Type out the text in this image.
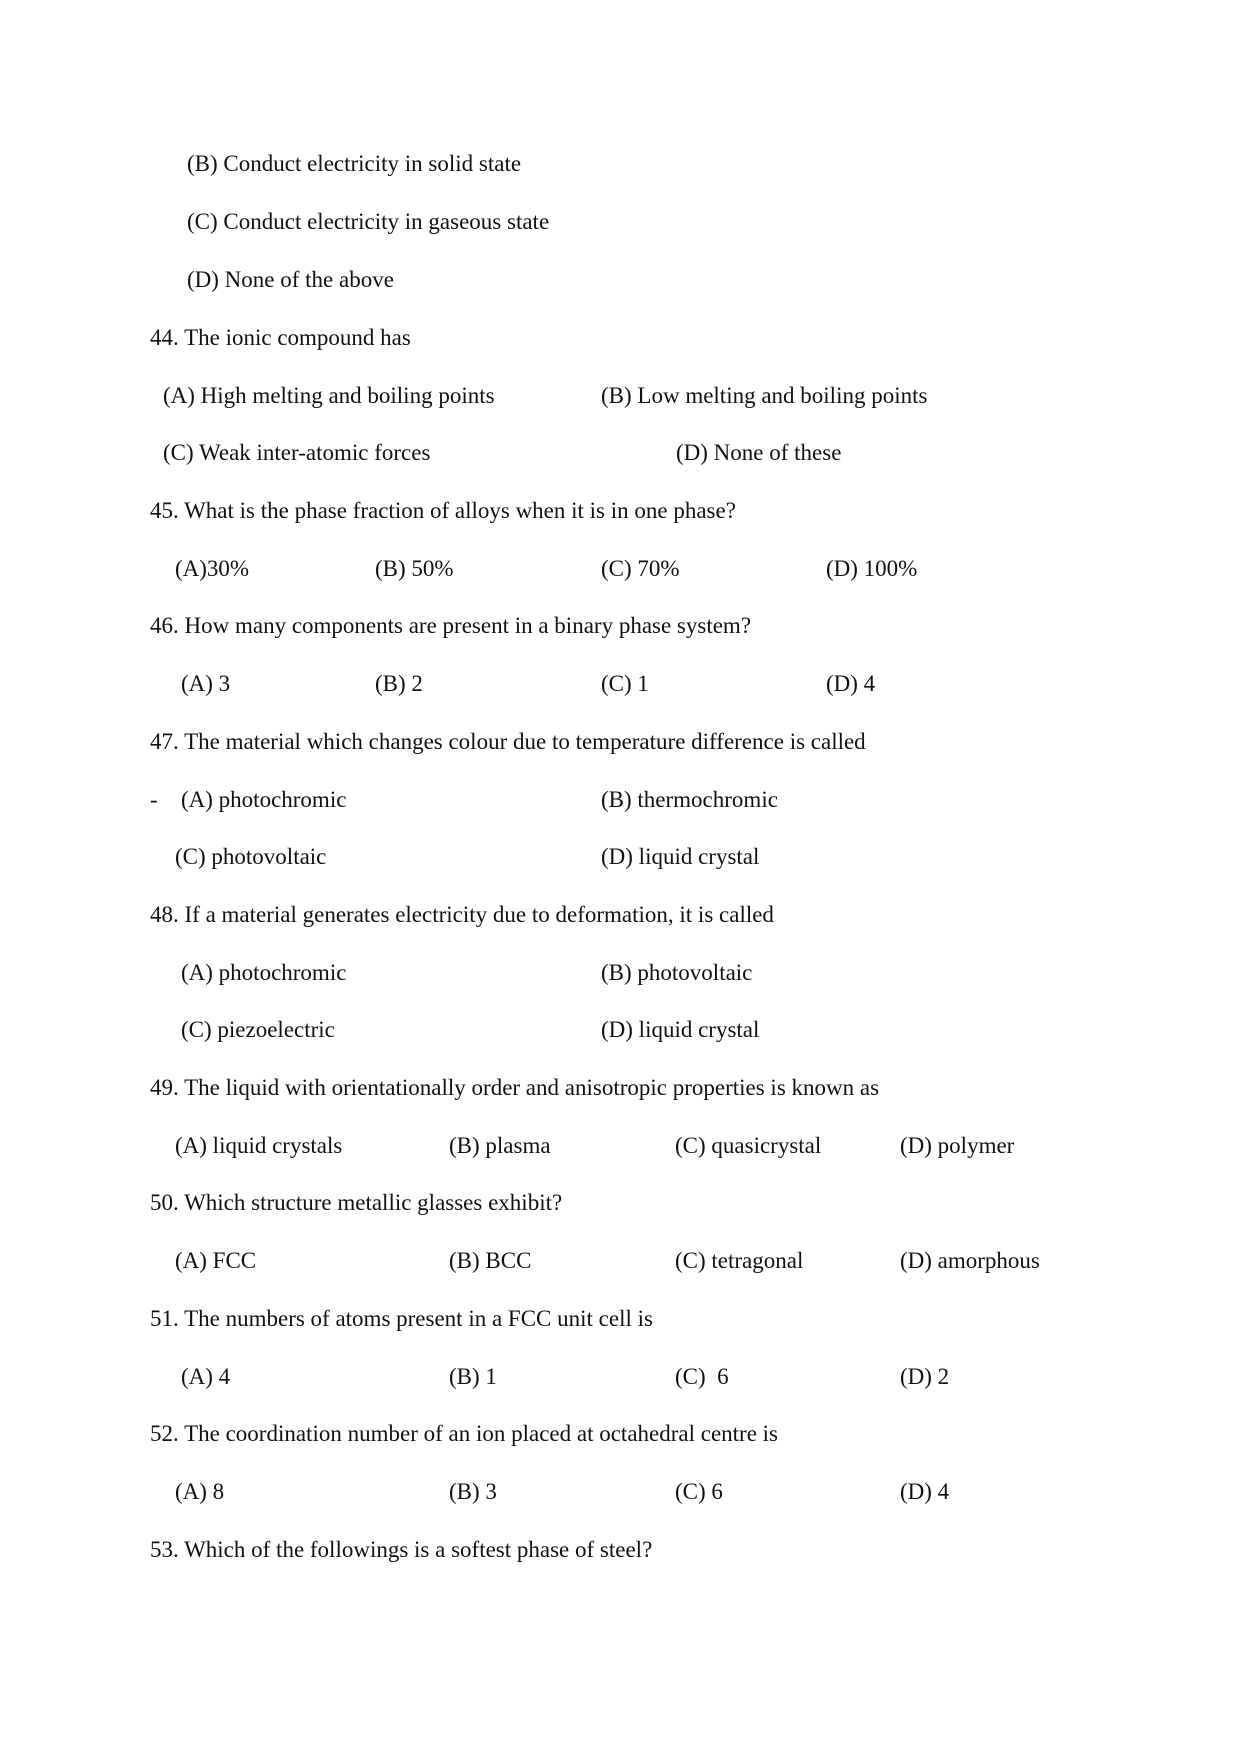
(B) Conduct electricity in solid state
(C) Conduct electricity in gaseous state
(D) None of the above
44. The ionic compound has
(A) High melting and boiling points	(B) Low melting and boiling points
(C) Weak inter-atomic forces	(D) None of these
45. What is the phase fraction of alloys when it is in one phase?
(A)30%	(B) 50%	(C) 70%	(D) 100%
46. How many components are present in a binary phase system?
(A) 3	(B) 2	(C) 1	(D) 4
47. The material which changes colour due to temperature difference is called
- (A) photochromic	(B) thermochromic
(C) photovoltaic	(D) liquid crystal
48. If a material generates electricity due to deformation, it is called
(A) photochromic	(B) photovoltaic
(C) piezoelectric	(D) liquid crystal
49. The liquid with orientationally order and anisotropic properties is known as
(A) liquid crystals	(B) plasma	(C) quasicrystal	(D) polymer
50. Which structure metallic glasses exhibit?
(A) FCC	(B) BCC	(C) tetragonal	(D) amorphous
51. The numbers of atoms present in a FCC unit cell is
(A) 4	(B) 1	(C)  6	(D) 2
52. The coordination number of an ion placed at octahedral centre is
(A) 8	(B) 3	(C) 6	(D) 4
53. Which of the followings is a softest phase of steel?
